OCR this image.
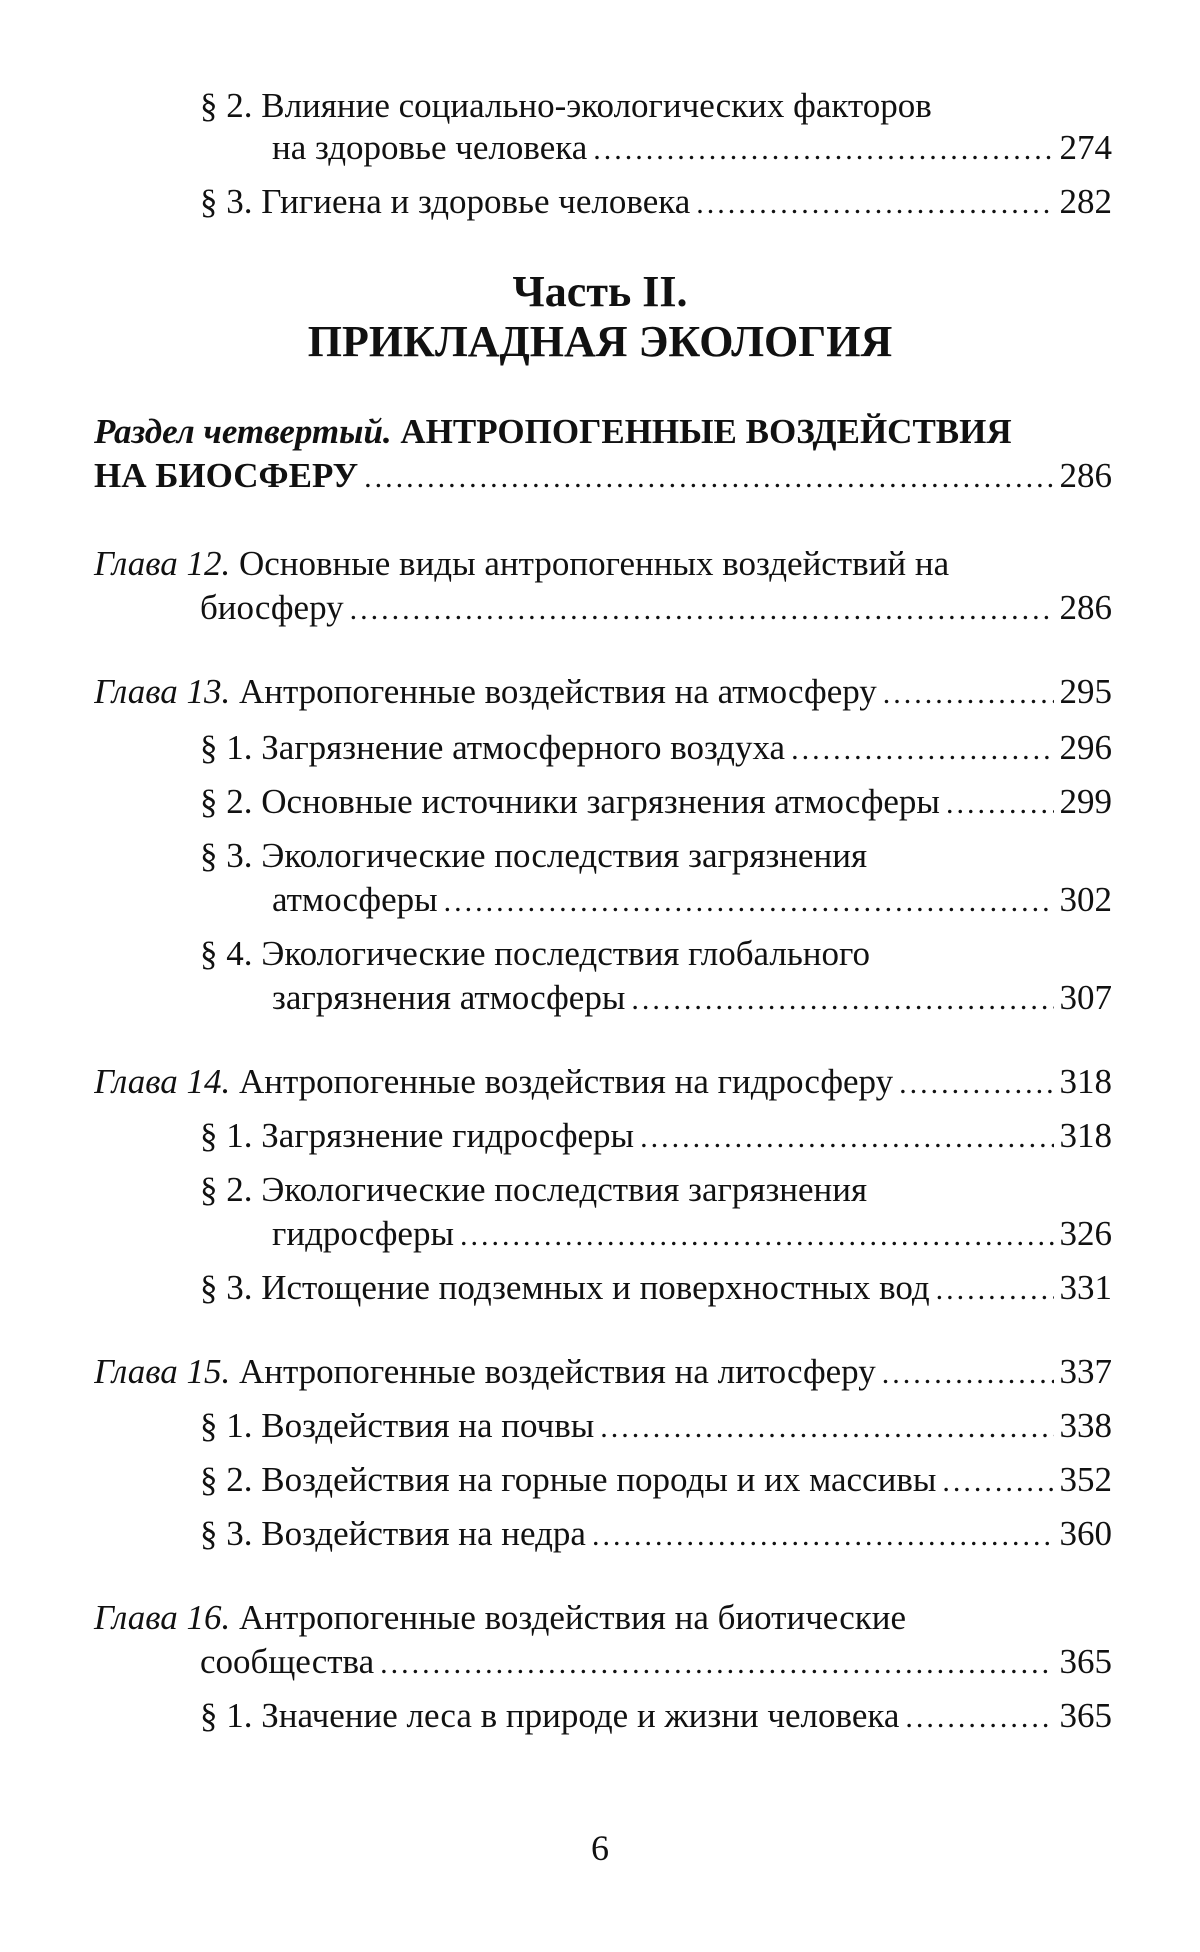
§ 2. Влияние социально-экологических факторов
на здоровье человека .....	274
§ 3. Гигиена и здоровье человека .....	282
Часть II.
ПРИКЛАДНАЯ ЭКОЛОГИЯ
Раздел четвертый. АНТРОПОГЕННЫЕ ВОЗДЕЙСТВИЯ
НА БИОСФЕРУ .....	286
Глава 12. Основные виды антропогенных воздействий на
биосферу .....	286
Глава 13. Антропогенные воздействия на атмосферу .....	295
§ 1. Загрязнение атмосферного воздуха .....	296
§ 2. Основные источники загрязнения атмосферы .....	299
§ 3. Экологические последствия загрязнения
атмосферы .....	302
§ 4. Экологические последствия глобального
загрязнения атмосферы .....	307
Глава 14. Антропогенные воздействия на гидросферу .....	318
§ 1. Загрязнение гидросферы .....	318
§ 2. Экологические последствия загрязнения
гидросферы .....	326
§ 3. Истощение подземных и поверхностных вод .....	331
Глава 15. Антропогенные воздействия на литосферу .....	337
§ 1. Воздействия на почвы .....	338
§ 2. Воздействия на горные породы и их массивы .....	352
§ 3. Воздействия на недра .....	360
Глава 16. Антропогенные воздействия на биотические
сообщества .....	365
§ 1. Значение леса в природе и жизни человека .....	365
6
